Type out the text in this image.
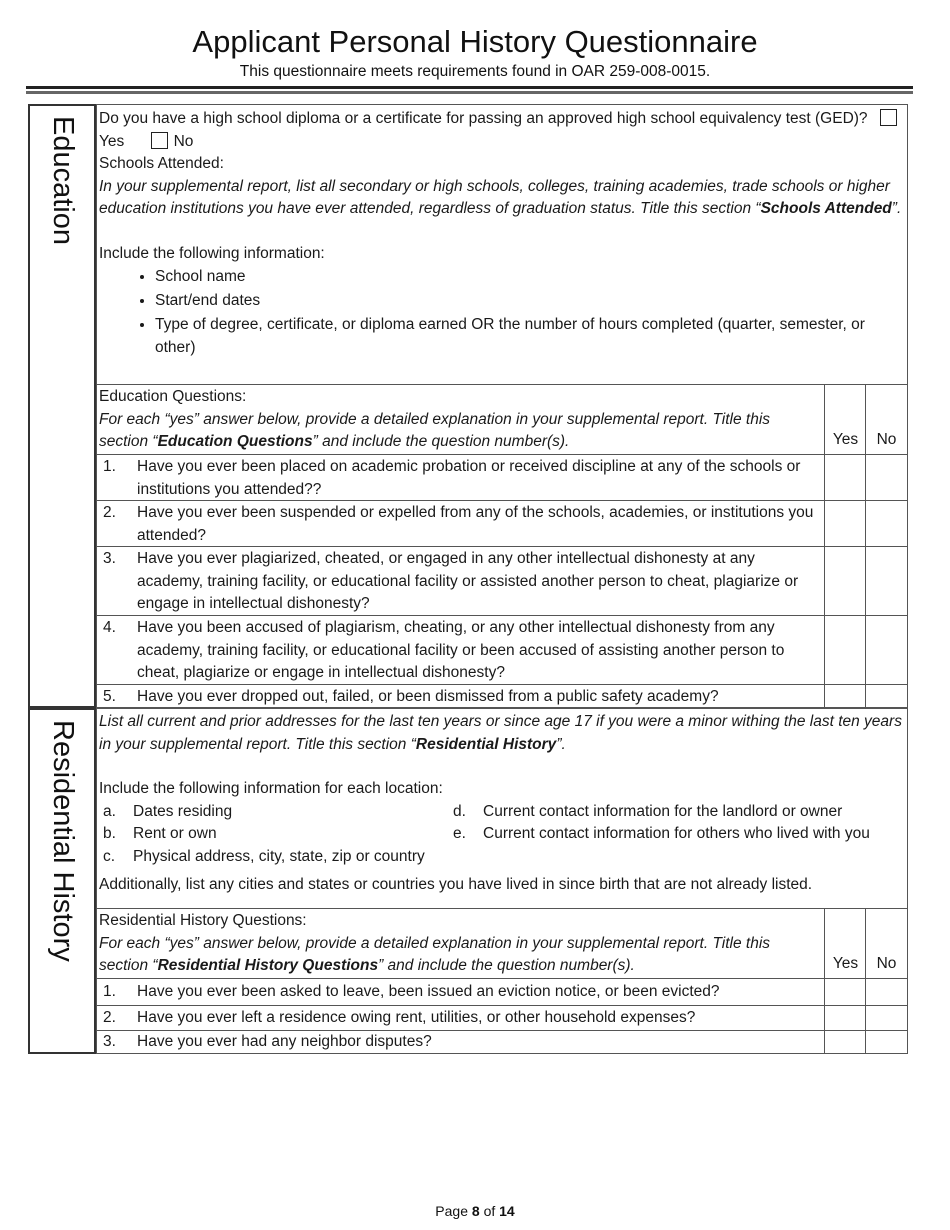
Applicant Personal History Questionnaire
This questionnaire meets requirements found in OAR 259-008-0015.
Education Do you have a high school diploma or a certificate for passing an approved high school equivalency test (GED)? Yes	No
Schools Attended:
In your supplemental report, list all secondary or high schools, colleges, training academies, trade schools or higher education institutions you have ever attended, regardless of graduation status. Title this section “Schools Attended”.
Include the following information:
• School name
• Start/end dates
• Type of degree, certificate, or diploma earned OR the number of hours completed (quarter, semester, or other)
Education Questions:
For each “yes” answer below, provide a detailed explanation in your supplemental report. Title this section “Education Questions” and include the question number(s).	Yes	No
1.	Have you ever been placed on academic probation or received discipline at any of the schools or institutions you attended??
2.	Have you ever been suspended or expelled from any of the schools, academies, or institutions you attended?
3.	Have you ever plagiarized, cheated, or engaged in any other intellectual dishonesty at any academy, training facility, or educational facility or assisted another person to cheat, plagiarize or engage in intellectual dishonesty?
4.	Have you been accused of plagiarism, cheating, or any other intellectual dishonesty from any academy, training facility, or educational facility or been accused of assisting another person to cheat, plagiarize or engage in intellectual dishonesty?
5.	Have you ever dropped out, failed, or been dismissed from a public safety academy?
Residential History List all current and prior addresses for the last ten years or since age 17 if you were a minor withing the last ten years in your supplemental report. Title this section “Residential History”.
Include the following information for each location:
a.	Dates residing
b.	Rent or own
c.	Physical address, city, state, zip or country
d.	Current contact information for the landlord or owner
e.	Current contact information for others who lived with you
Additionally, list any cities and states or countries you have lived in since birth that are not already listed.
Residential History Questions:
For each “yes” answer below, provide a detailed explanation in your supplemental report. Title this section “Residential History Questions” and include the question number(s).	Yes	No
1.	Have you ever been asked to leave, been issued an eviction notice, or been evicted?
2.	Have you ever left a residence owing rent, utilities, or other household expenses?
3.	Have you ever had any neighbor disputes?
Page 8 of 14
